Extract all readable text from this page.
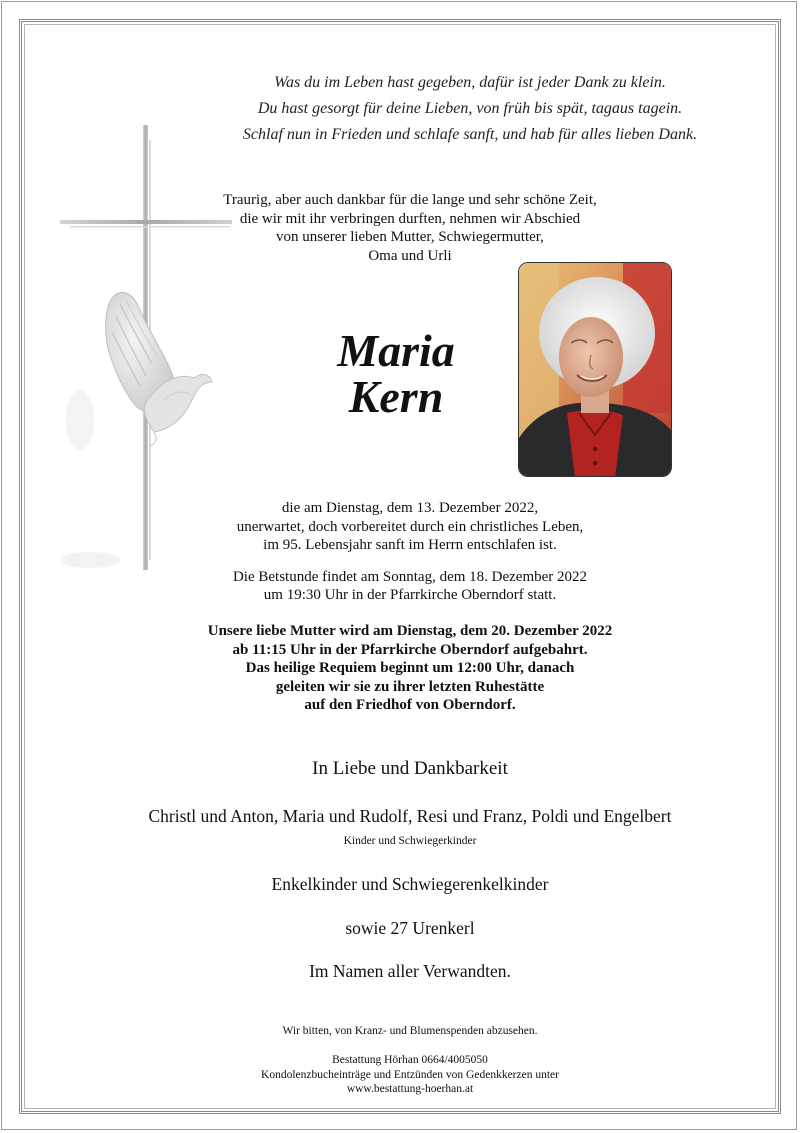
Was du im Leben hast gegeben, dafür ist jeder Dank zu klein.
Du hast gesorgt für deine Lieben, von früh bis spät, tagaus tagein.
Schlaf nun in Frieden und schlafe sanft, und hab für alles lieben Dank.
Traurig, aber auch dankbar für die lange und sehr schöne Zeit,
die wir mit ihr verbringen durften, nehmen wir Abschied
von unserer lieben Mutter, Schwiegermutter,
Oma und Urli
Maria
Kern
die am Dienstag, dem 13. Dezember 2022,
unerwartet, doch vorbereitet durch ein christliches Leben,
im 95. Lebensjahr sanft im Herrn entschlafen ist.
Die Betstunde findet am Sonntag, dem 18. Dezember 2022
um 19:30 Uhr in der Pfarrkirche Oberndorf statt.
Unsere liebe Mutter wird am Dienstag, dem 20. Dezember 2022
ab 11:15 Uhr in der Pfarrkirche Oberndorf aufgebahrt.
Das heilige Requiem beginnt um 12:00 Uhr, danach
geleiten wir sie zu ihrer letzten Ruhestätte
auf den Friedhof von Oberndorf.
In Liebe und Dankbarkeit
Christl und Anton, Maria und Rudolf, Resi und Franz, Poldi und Engelbert
Kinder und Schwiegerkinder
Enkelkinder und Schwiegerenkelkinder
sowie 27 Urenkerl
Im Namen aller Verwandten.
Wir bitten, von Kranz- und Blumenspenden abzusehen.
Bestattung Hörhan 0664/4005050
Kondolenzbucheinträge und Entzünden von Gedenkkerzen unter
www.bestattung-hoerhan.at
